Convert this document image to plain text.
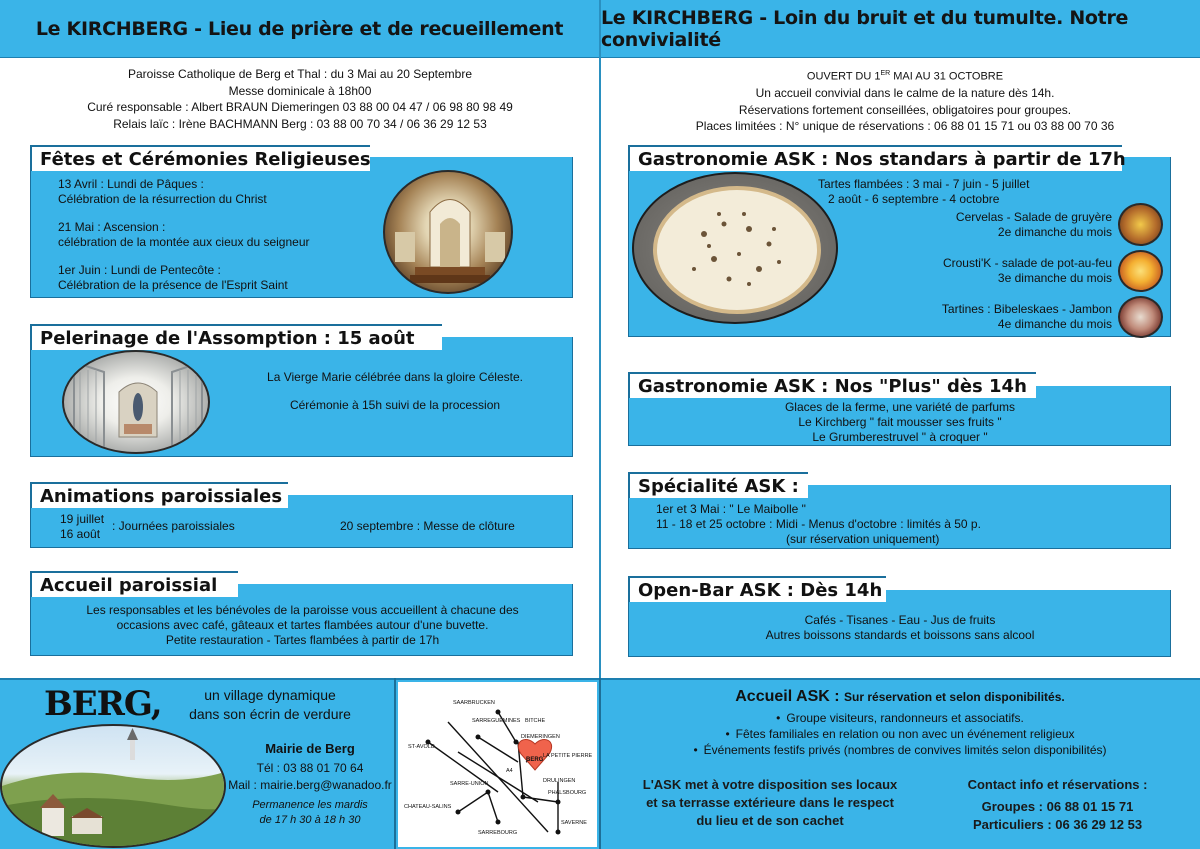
Le KIRCHBERG - Lieu de prière et de recueillement Le KIRCHBERG - Loin du bruit et du tumulte. Notre convivialité
Paroisse Catholique de Berg et Thal : du 3 Mai au 20 Septembre
Messe dominicale à 18h00
Curé responsable : Albert BRAUN Diemeringen 03 88 00 04 47 / 06 98 80 98 49
Relais laïc : Irène BACHMANN Berg : 03 88 00 70 34 / 06 36 29 12 53
Fêtes et Cérémonies Religieuses
13 Avril : Lundi de Pâques :
Célébration de la résurrection du Christ
21 Mai : Ascension :
célébration de la montée aux cieux du seigneur
1er Juin : Lundi de Pentecôte :
Célébration de la présence de l'Esprit Saint
Pelerinage de l'Assomption : 15 août
La Vierge Marie célébrée dans la gloire Céleste.
Cérémonie à 15h suivi de la procession
Animations paroissiales
19 juillet
16 août
: Journées paroissiales	20 septembre : Messe de clôture
Accueil paroissial
Les responsables et les bénévoles de la paroisse vous accueillent à chacune des
occasions avec café, gâteaux et tartes flambées autour d'une buvette.
Petite restauration - Tartes flambées à partir de 17h
OUVERT DU 1ER MAI AU 31 OCTOBRE
Un accueil convivial dans le calme de la nature dès 14h.
Réservations fortement conseillées, obligatoires pour groupes.
Places limitées : N° unique de réservations : 06 88 01 15 71 ou 03 88 00 70 36
Gastronomie ASK : Nos standars à partir de 17h
Tartes flambées : 3 mai - 7 juin - 5 juillet
2 août - 6 septembre - 4 octobre
Cervelas - Salade de gruyère
2e dimanche du mois
Crousti'K - salade de pot-au-feu
3e dimanche du mois
Tartines : Bibeleskaes - Jambon
4e dimanche du mois
Gastronomie ASK : Nos "Plus" dès 14h
Glaces de la ferme, une variété de parfums
Le Kirchberg " fait mousser ses fruits "
Le Grumberestruvel " à croquer "
Spécialité ASK :
1er et 3 Mai : " Le Maibolle "
11 - 18 et 25 octobre : Midi - Menus d'octobre : limités à 50 p.
(sur réservation uniquement)
Open-Bar ASK : Dès 14h
Cafés - Tisanes - Eau - Jus de fruits
Autres boissons standards et boissons sans alcool
BERG,	un village dynamique
dans son écrin de verdure
Mairie de Berg
Tél : 03 88 01 70 64
Mail : mairie.berg@wanadoo.fr
Permanence les mardis
de 17 h 30 à 18 h 30
SAARBRUCKEN
SARREGUEMINES BITCHE
DIEMERINGEN
LA PETITE PIERRE
ST-AVOLD
BERG
DRULINGEN
PHALSBOURG
SARRE-UNION
A4
CHATEAU-SALINS
SARREBOURG
SAVERNE
Accueil ASK : Sur réservation et selon disponibilités.
• Groupe visiteurs, randonneurs et associatifs.
• Fêtes familiales en relation ou non avec un événement religieux
• Événements festifs privés (nombres de convives limités selon disponibilités)
L'ASK met à votre disposition ses locaux
et sa terrasse extérieure dans le respect
du lieu et de son cachet
Contact info et réservations :
Groupes : 06 88 01 15 71
Particuliers : 06 36 29 12 53
